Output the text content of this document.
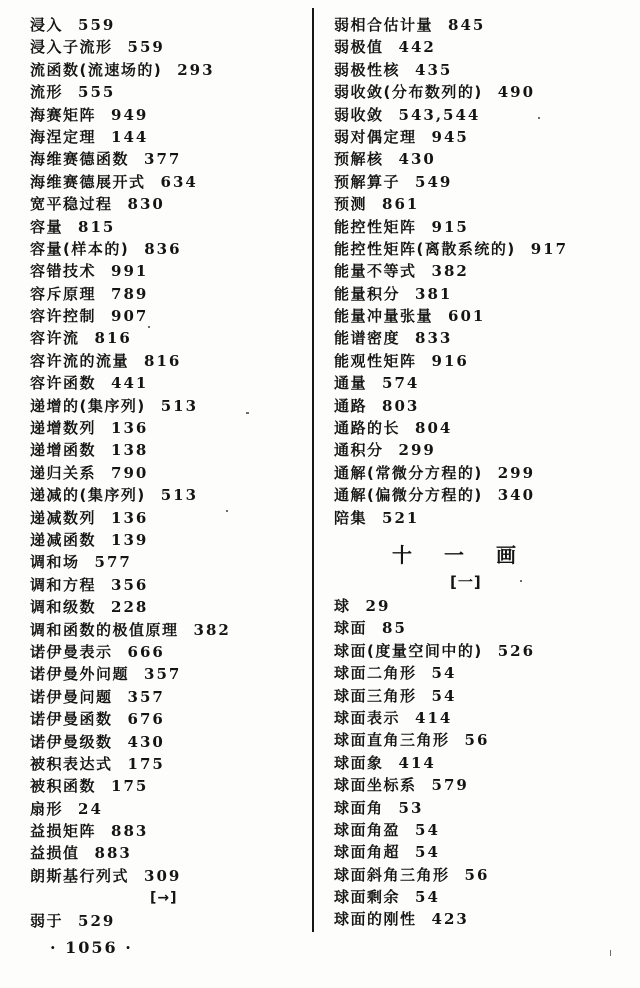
浸入 559
浸入子流形 559
流函数(流速场的) 293
流形 555
海赛矩阵 949
海涅定理 144
海维赛德函数 377
海维赛德展开式 634
宽平稳过程 830
容量 815
容量(样本的) 836
容错技术 991
容斥原理 789
容许控制 907
容许流 816
容许流的流量 816
容许函数 441
递增的(集序列) 513
递增数列 136
递增函数 138
递归关系 790
递减的(集序列) 513
递减数列 136
递减函数 139
调和场 577
调和方程 356
调和级数 228
调和函数的极值原理 382
诺伊曼表示 666
诺伊曼外问题 357
诺伊曼问题 357
诺伊曼函数 676
诺伊曼级数 430
被积表达式 175
被积函数 175
扇形 24
益损矩阵 883
益损值 883
朗斯基行列式 309
[→]
弱于 529
弱相合估计量 845
弱极值 442
弱极性核 435
弱收敛(分布数列的) 490
弱收敛 543,544
弱对偶定理 945
预解核 430
预解算子 549
预测 861
能控性矩阵 915
能控性矩阵(离散系统的) 917
能量不等式 382
能量积分 381
能量冲量张量 601
能谱密度 833
能观性矩阵 916
通量 574
通路 803
通路的长 804
通积分 299
通解(常微分方程的) 299
通解(偏微分方程的) 340
陪集 521
十一画
[一]
球 29
球面 85
球面(度量空间中的) 526
球面二角形 54
球面三角形 54
球面表示 414
球面直角三角形 56
球面象 414
球面坐标系 579
球面角 53
球面角盈 54
球面角超 54
球面斜角三角形 56
球面剩余 54
球面的刚性 423
· 1056 ·
